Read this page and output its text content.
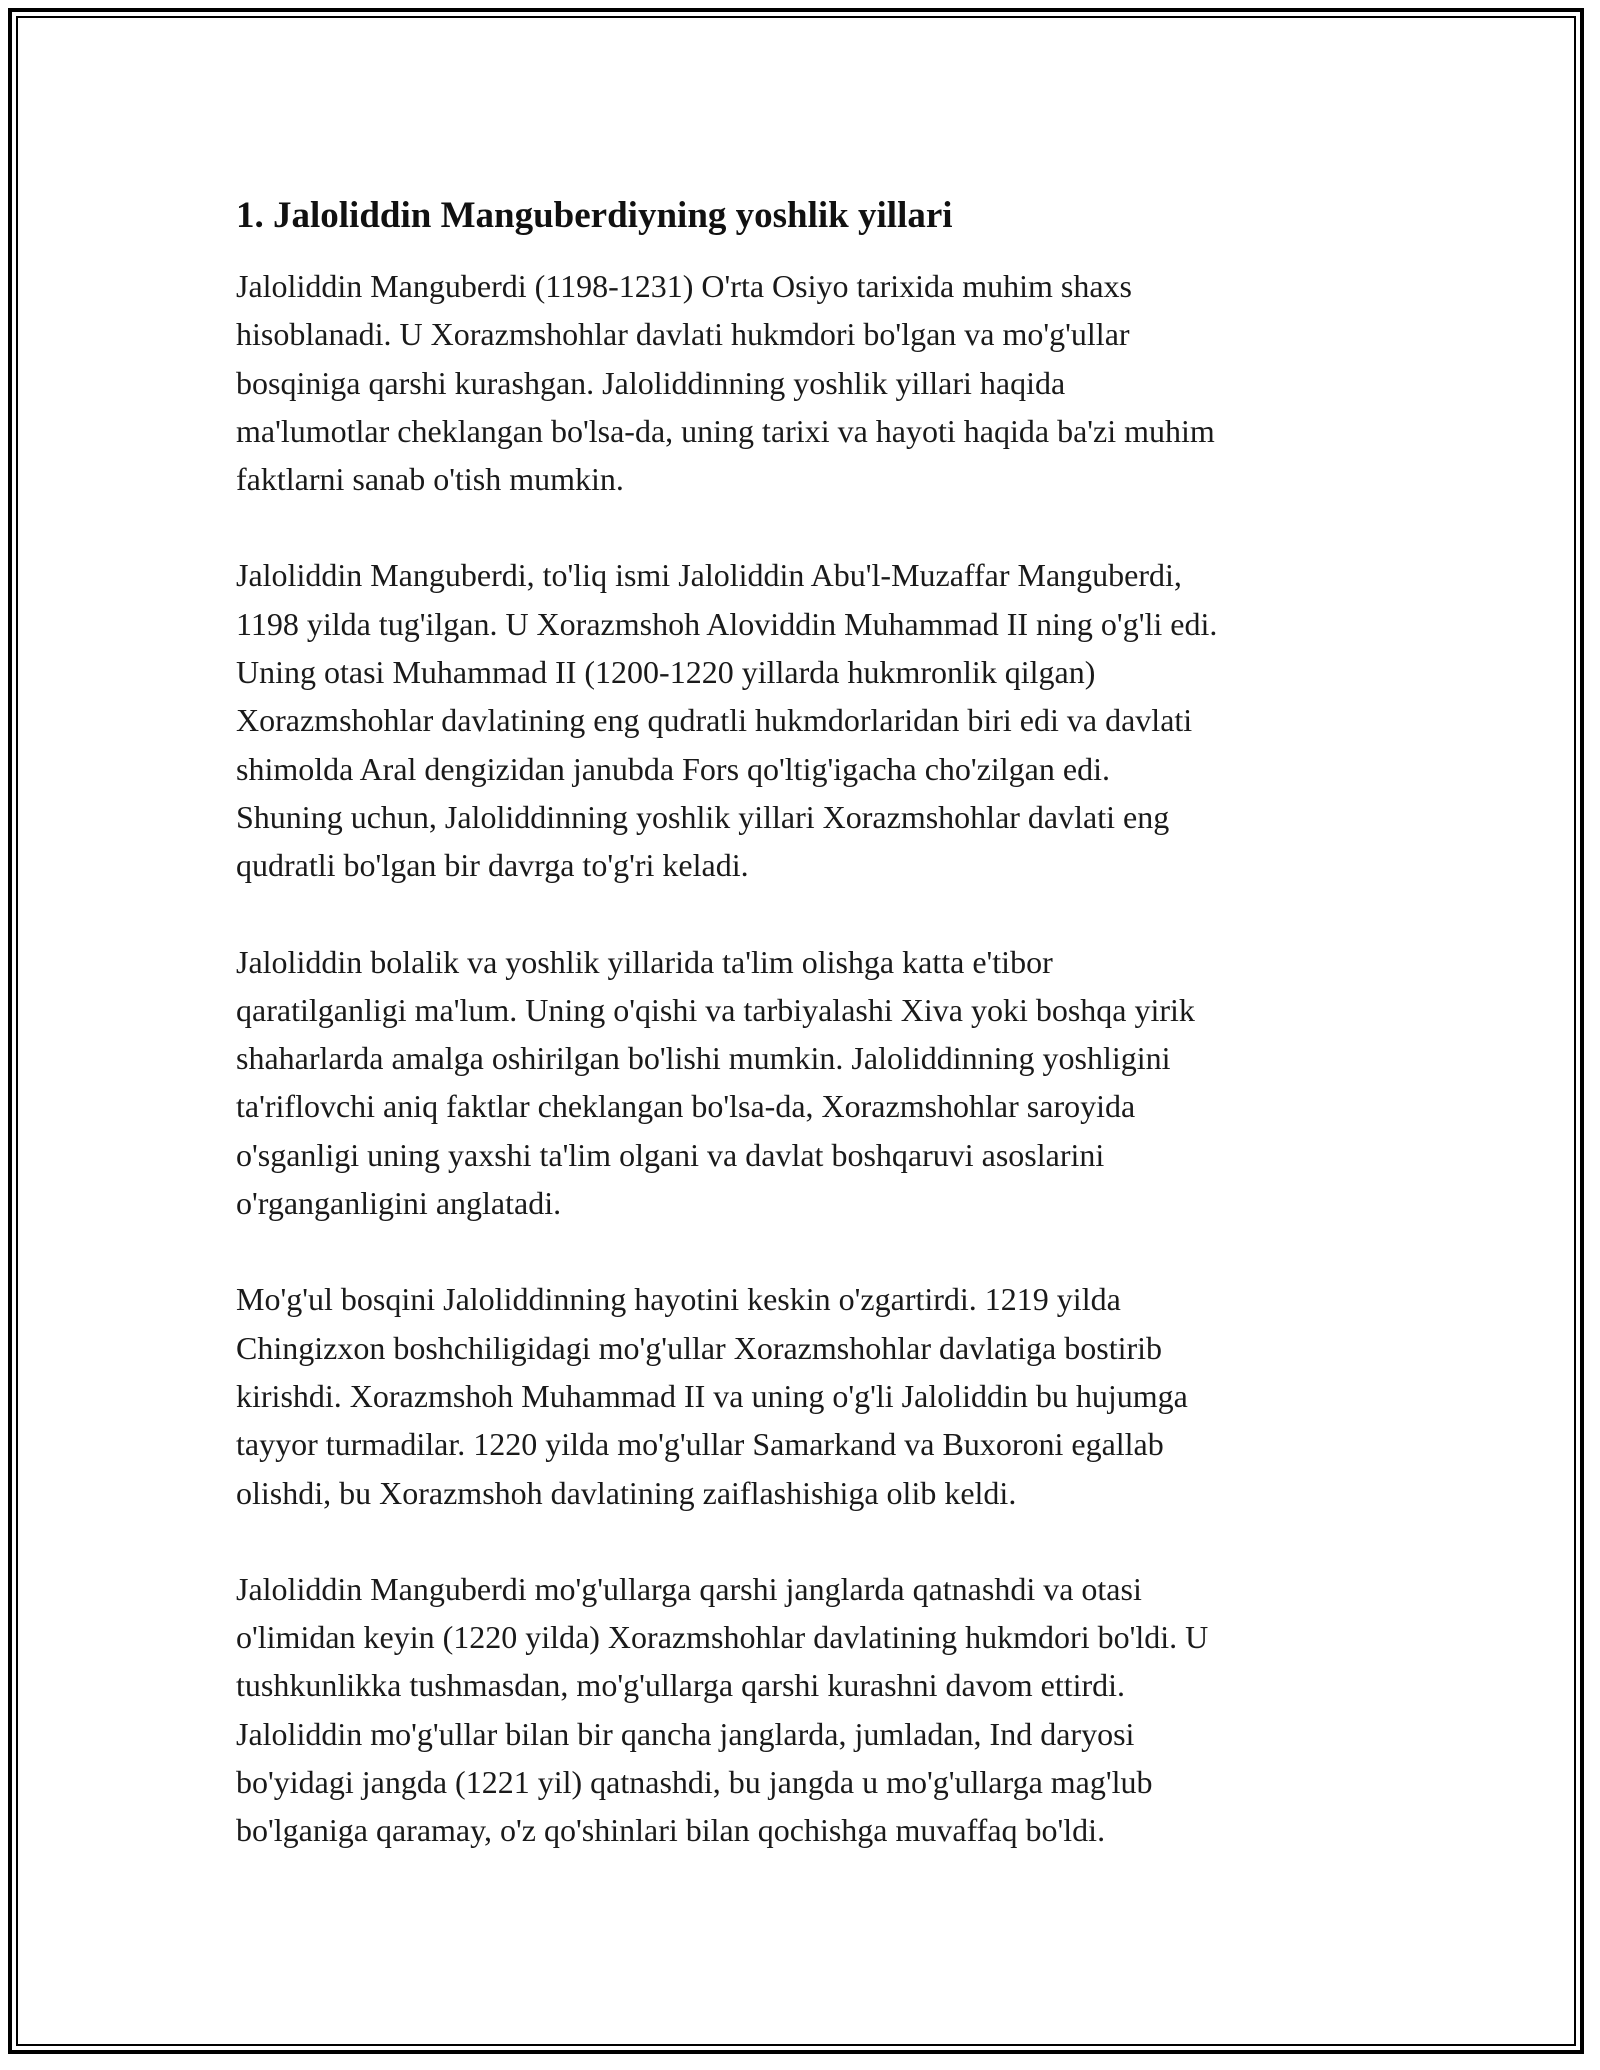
1. Jaloliddin Manguberdiyning yoshlik yillari

Jaloliddin Manguberdi (1198-1231) O'rta Osiyo tarixida muhim shaxs
hisoblanadi. U Xorazmshohlar davlati hukmdori bo'lgan va mo'g'ullar
bosqiniga qarshi kurashgan. Jaloliddinning yoshlik yillari haqida
ma'lumotlar cheklangan bo'lsa-da, uning tarixi va hayoti haqida ba'zi muhim
faktlarni sanab o'tish mumkin.

Jaloliddin Manguberdi, to'liq ismi Jaloliddin Abu'l-Muzaffar Manguberdi,
1198 yilda tug'ilgan. U Xorazmshoh Aloviddin Muhammad II ning o'g'li edi.
Uning otasi Muhammad II (1200-1220 yillarda hukmronlik qilgan)
Xorazmshohlar davlatining eng qudratli hukmdorlaridan biri edi va davlati
shimolda Aral dengizidan janubda Fors qo'ltig'igacha cho'zilgan edi.
Shuning uchun, Jaloliddinning yoshlik yillari Xorazmshohlar davlati eng
qudratli bo'lgan bir davrga to'g'ri keladi.

Jaloliddin bolalik va yoshlik yillarida ta'lim olishga katta e'tibor
qaratilganligi ma'lum. Uning o'qishi va tarbiyalashi Xiva yoki boshqa yirik
shaharlarda amalga oshirilgan bo'lishi mumkin. Jaloliddinning yoshligini
ta'riflovchi aniq faktlar cheklangan bo'lsa-da, Xorazmshohlar saroyida
o'sganligi uning yaxshi ta'lim olgani va davlat boshqaruvi asoslarini
o'rganganligini anglatadi.

Mo'g'ul bosqini Jaloliddinning hayotini keskin o'zgartirdi. 1219 yilda
Chingizxon boshchiligidagi mo'g'ullar Xorazmshohlar davlatiga bostirib
kirishdi. Xorazmshoh Muhammad II va uning o'g'li Jaloliddin bu hujumga
tayyor turmadilar. 1220 yilda mo'g'ullar Samarkand va Buxoroni egallab
olishdi, bu Xorazmshoh davlatining zaiflashishiga olib keldi.

Jaloliddin Manguberdi mo'g'ullarga qarshi janglarda qatnashdi va otasi
o'limidan keyin (1220 yilda) Xorazmshohlar davlatining hukmdori bo'ldi. U
tushkunlikka tushmasdan, mo'g'ullarga qarshi kurashni davom ettirdi.
Jaloliddin mo'g'ullar bilan bir qancha janglarda, jumladan, Ind daryosi
bo'yidagi jangda (1221 yil) qatnashdi, bu jangda u mo'g'ullarga mag'lub
bo'lganiga qaramay, o'z qo'shinlari bilan qochishga muvaffaq bo'ldi.
